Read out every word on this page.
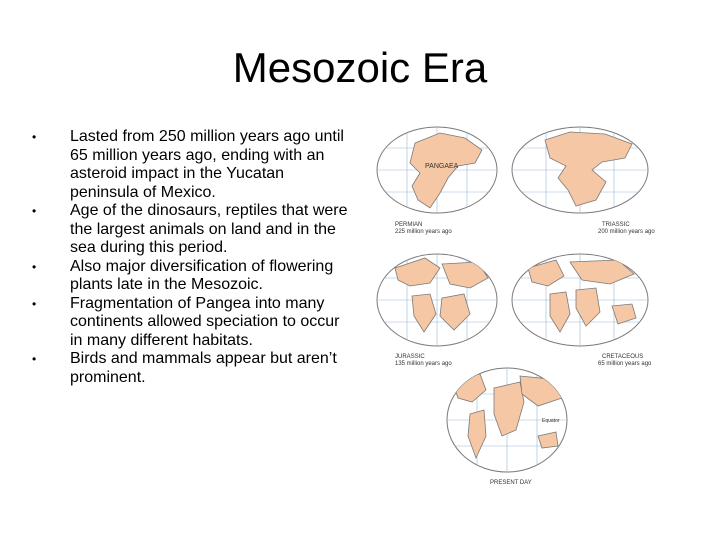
Mesozoic Era
• Lasted from 250 million years ago until 65 million years ago, ending with an asteroid impact in the Yucatan peninsula of Mexico.
• Age of the dinosaurs, reptiles that were the largest animals on land and in the sea during this period.
• Also major diversification of flowering plants late in the Mesozoic.
• Fragmentation of Pangea into many continents allowed speciation to occur in many different habitats.
• Birds and mammals appear but aren’t prominent.
PANGAEA
PERMIAN
225 million years ago
TRIASSIC
200 million years ago
JURASSIC
135 million years ago
CRETACEOUS
65 million years ago
Equator
PRESENT DAY
